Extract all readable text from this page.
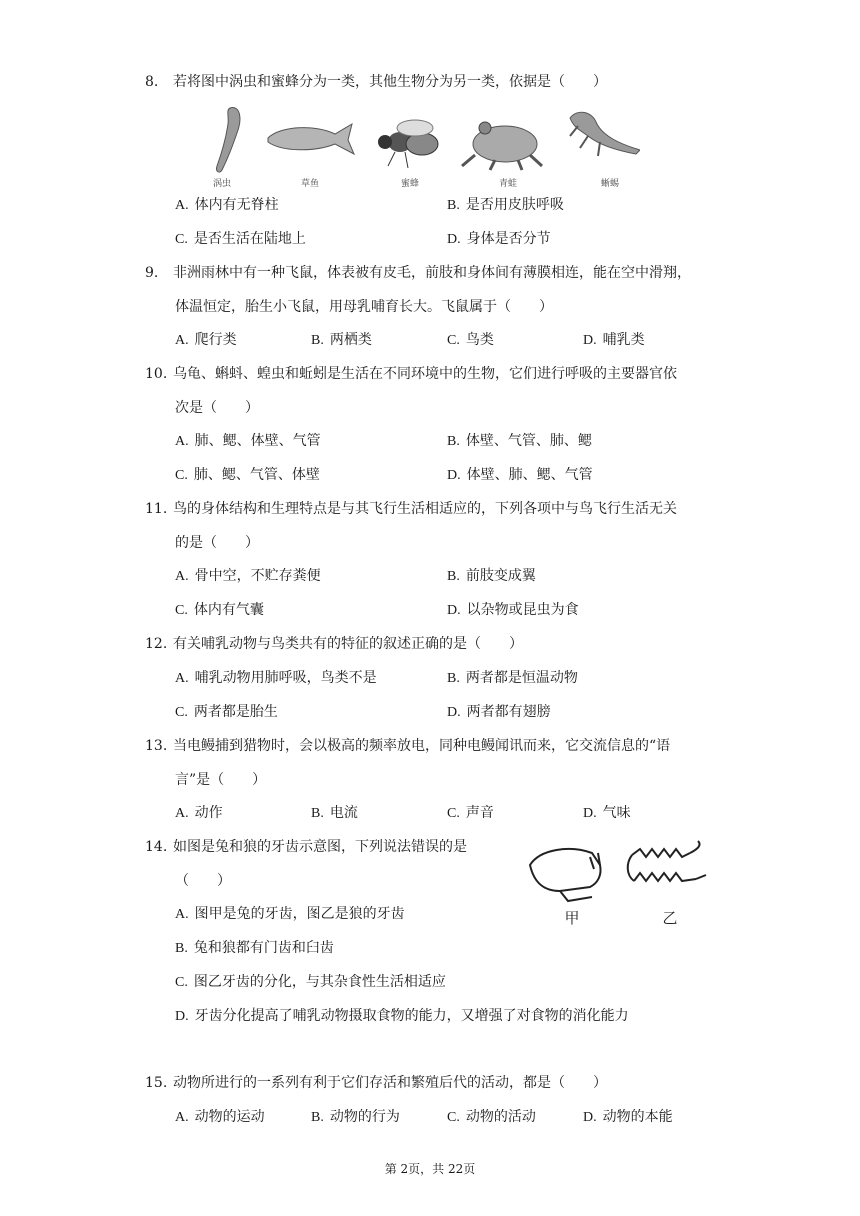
8. 若将图中涡虫和蜜蜂分为一类，其他生物分为另一类，依据是（　　）
涡虫	草鱼	蜜蜂	青蛙	蜥蜴
A. 体内有无脊柱	B. 是否用皮肤呼吸
C. 是否生活在陆地上	D. 身体是否分节
9. 非洲雨林中有一种飞鼠，体表被有皮毛，前肢和身体间有薄膜相连，能在空中滑翔，
体温恒定，胎生小飞鼠，用母乳哺育长大。飞鼠属于（　　）
A. 爬行类	B. 两栖类	C. 鸟类	D. 哺乳类
10. 乌龟、蝌蚪、蝗虫和蚯蚓是生活在不同环境中的生物，它们进行呼吸的主要器官依
次是（　　）
A. 肺、鳃、体壁、气管	B. 体壁、气管、肺、鳃
C. 肺、鳃、气管、体壁	D. 体壁、肺、鳃、气管
11. 鸟的身体结构和生理特点是与其飞行生活相适应的，下列各项中与鸟飞行生活无关
的是（　　）
A. 骨中空，不贮存粪便	B. 前肢变成翼
C. 体内有气囊	D. 以杂物或昆虫为食
12. 有关哺乳动物与鸟类共有的特征的叙述正确的是（　　）
A. 哺乳动物用肺呼吸，鸟类不是	B. 两者都是恒温动物
C. 两者都是胎生	D. 两者都有翅膀
13. 当电鳗捕到猎物时，会以极高的频率放电，同种电鳗闻讯而来，它交流信息的“语
言”是（　　）
A. 动作	B. 电流	C. 声音	D. 气味
14. 如图是兔和狼的牙齿示意图，下列说法错误的是
（　　）
甲	乙
A. 图甲是兔的牙齿，图乙是狼的牙齿
B. 兔和狼都有门齿和臼齿
C. 图乙牙齿的分化，与其杂食性生活相适应
D. 牙齿分化提高了哺乳动物摄取食物的能力，又增强了对食物的消化能力
15. 动物所进行的一系列有利于它们存活和繁殖后代的活动，都是（　　）
A. 动物的运动	B. 动物的行为	C. 动物的活动	D. 动物的本能
第 2页，共 22页
